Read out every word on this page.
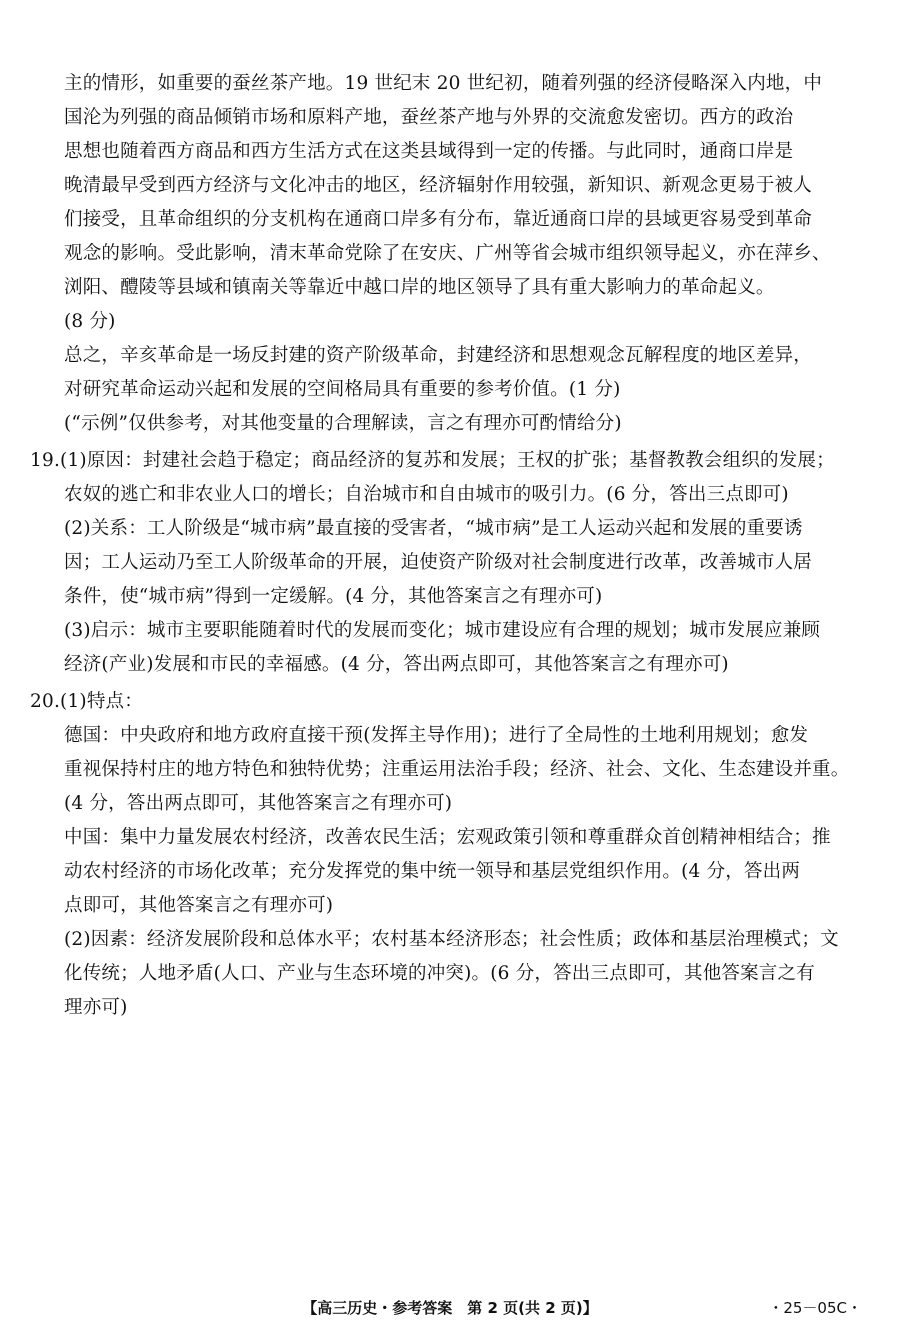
主的情形，如重要的蚕丝茶产地。19 世纪末 20 世纪初，随着列强的经济侵略深入内地，中
国沦为列强的商品倾销市场和原料产地，蚕丝茶产地与外界的交流愈发密切。西方的政治
思想也随着西方商品和西方生活方式在这类县域得到一定的传播。与此同时，通商口岸是
晚清最早受到西方经济与文化冲击的地区，经济辐射作用较强，新知识、新观念更易于被人
们接受，且革命组织的分支机构在通商口岸多有分布，靠近通商口岸的县域更容易受到革命
观念的影响。受此影响，清末革命党除了在安庆、广州等省会城市组织领导起义，亦在萍乡、
浏阳、醴陵等县域和镇南关等靠近中越口岸的地区领导了具有重大影响力的革命起义。
(8 分)
总之，辛亥革命是一场反封建的资产阶级革命，封建经济和思想观念瓦解程度的地区差异，
对研究革命运动兴起和发展的空间格局具有重要的参考价值。(1 分)
(“示例”仅供参考，对其他变量的合理解读，言之有理亦可酌情给分)
19.(1)原因：封建社会趋于稳定；商品经济的复苏和发展；王权的扩张；基督教教会组织的发展；
农奴的逃亡和非农业人口的增长；自治城市和自由城市的吸引力。(6 分，答出三点即可)
(2)关系：工人阶级是“城市病”最直接的受害者，“城市病”是工人运动兴起和发展的重要诱
因；工人运动乃至工人阶级革命的开展，迫使资产阶级对社会制度进行改革，改善城市人居
条件，使“城市病”得到一定缓解。(4 分，其他答案言之有理亦可)
(3)启示：城市主要职能随着时代的发展而变化；城市建设应有合理的规划；城市发展应兼顾
经济(产业)发展和市民的幸福感。(4 分，答出两点即可，其他答案言之有理亦可)
20.(1)特点：
德国：中央政府和地方政府直接干预(发挥主导作用)；进行了全局性的土地利用规划；愈发
重视保持村庄的地方特色和独特优势；注重运用法治手段；经济、社会、文化、生态建设并重。
(4 分，答出两点即可，其他答案言之有理亦可)
中国：集中力量发展农村经济，改善农民生活；宏观政策引领和尊重群众首创精神相结合；推
动农村经济的市场化改革；充分发挥党的集中统一领导和基层党组织作用。(4 分，答出两
点即可，其他答案言之有理亦可)
(2)因素：经济发展阶段和总体水平；农村基本经济形态；社会性质；政体和基层治理模式；文
化传统；人地矛盾(人口、产业与生态环境的冲突)。(6 分，答出三点即可，其他答案言之有
理亦可)
【高三历史・参考答案　第 2 页(共 2 页)】	・25－05C・
